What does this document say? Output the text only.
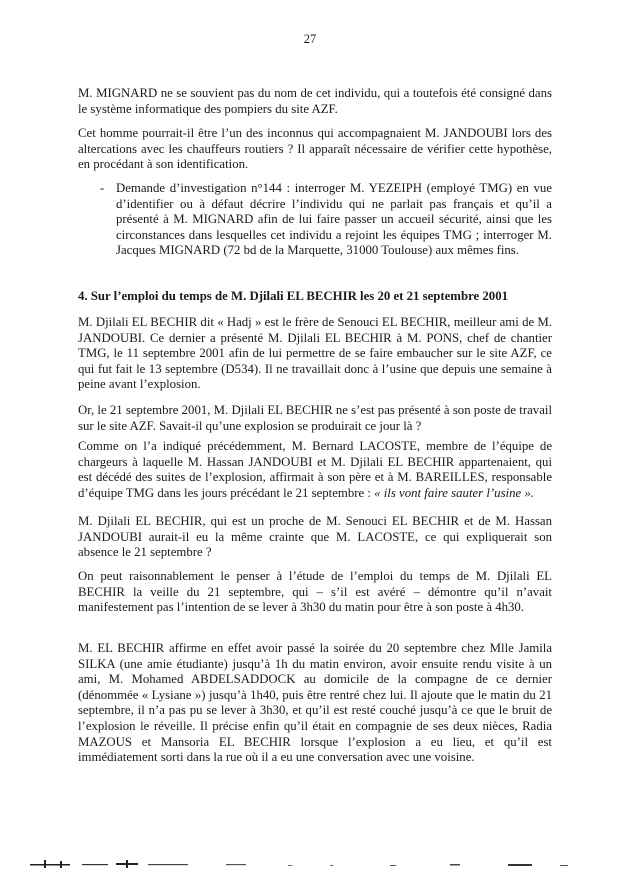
27

M. MIGNARD ne se souvient pas du nom de cet individu, qui a toutefois été consigné dans le système informatique des pompiers du site AZF.

Cet homme pourrait-il être l’un des inconnus qui accompagnaient M. JANDOUBI lors des altercations avec les chauffeurs routiers ? Il apparaît nécessaire de vérifier cette hypothèse, en procédant à son identification.

- Demande d’investigation n°144 : interroger M. YEZEIPH (employé TMG) en vue d’identifier ou à défaut décrire l’individu qui ne parlait pas français et qu’il a présenté à M. MIGNARD afin de lui faire passer un accueil sécurité, ainsi que les circonstances dans lesquelles cet individu a rejoint les équipes TMG ; interroger M. Jacques MIGNARD (72 bd de la Marquette, 31000 Toulouse) aux mêmes fins.
4. Sur l’emploi du temps de M. Djilali EL BECHIR les 20 et 21 septembre 2001

M. Djilali EL BECHIR dit « Hadj » est le frère de Senouci EL BECHIR, meilleur ami de M. JANDOUBI. Ce dernier a présenté M. Djilali EL BECHIR à M. PONS, chef de chantier TMG, le 11 septembre 2001 afin de lui permettre de se faire embaucher sur le site AZF, ce qui fut fait le 13 septembre (D534). Il ne travaillait donc à l’usine que depuis une semaine à peine avant l’explosion.

Or, le 21 septembre 2001, M. Djilali EL BECHIR ne s’est pas présenté à son poste de travail sur le site AZF. Savait-il qu’une explosion se produirait ce jour là ?

Comme on l’a indiqué précédemment, M. Bernard LACOSTE, membre de l’équipe de chargeurs à laquelle M. Hassan JANDOUBI et M. Djilali EL BECHIR appartenaient, qui est décédé des suites de l’explosion, affirmait à son père et à M. BAREILLES, responsable d’équipe TMG dans les jours précédant le 21 septembre : « ils vont faire sauter l’usine ».

M. Djilali EL BECHIR, qui est un proche de M. Senouci EL BECHIR et de M. Hassan JANDOUBI aurait-il eu la même crainte que M. LACOSTE, ce qui expliquerait son absence le 21 septembre ?

On peut raisonnablement le penser à l’étude de l’emploi du temps de M. Djilali EL BECHIR la veille du 21 septembre, qui – s’il est avéré – démontre qu’il n’avait manifestement pas l’intention de se lever à 3h30 du matin pour être à son poste à 4h30.

M. EL BECHIR affirme en effet avoir passé la soirée du 20 septembre chez Mlle Jamila SILKA (une amie étudiante) jusqu’à 1h du matin environ, avoir ensuite rendu visite à un ami, M. Mohamed ABDELSADDOCK au domicile de la compagne de ce dernier (dénommée « Lysiane ») jusqu’à 1h40, puis être rentré chez lui. Il ajoute que le matin du 21 septembre, il n’a pas pu se lever à 3h30, et qu’il est resté couché jusqu’à ce que le bruit de l’explosion le réveille. Il précise enfin qu’il était en compagnie de ses deux nièces, Radia MAZOUS et Mansoria EL BECHIR lorsque l’explosion a eu lieu, et qu’il est immédiatement sorti dans la rue où il a eu une conversation avec une voisine.
